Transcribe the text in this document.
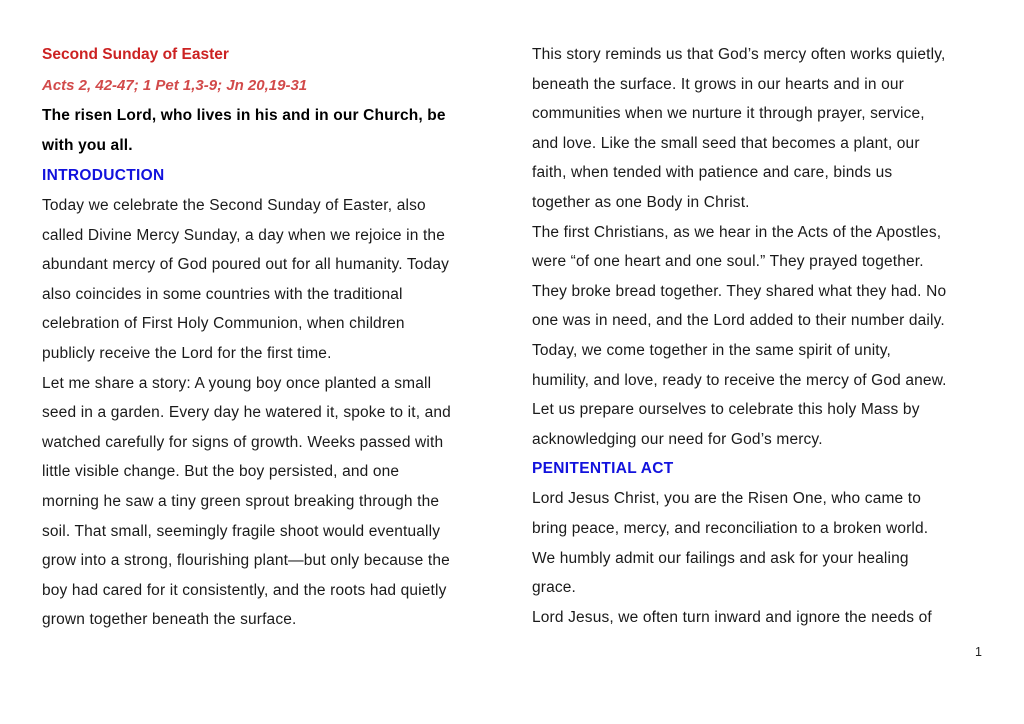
Second Sunday of Easter
Acts 2, 42-47; 1 Pet 1,3-9; Jn 20,19-31
The risen Lord, who lives in his and in our Church, be
with you all.
INTRODUCTION
Today we celebrate the Second Sunday of Easter, also
called Divine Mercy Sunday, a day when we rejoice in the
abundant mercy of God poured out for all humanity. Today
also coincides in some countries with the traditional
celebration of First Holy Communion, when children
publicly receive the Lord for the first time.
Let me share a story: A young boy once planted a small
seed in a garden. Every day he watered it, spoke to it, and
watched carefully for signs of growth. Weeks passed with
little visible change. But the boy persisted, and one
morning he saw a tiny green sprout breaking through the
soil. That small, seemingly fragile shoot would eventually
grow into a strong, flourishing plant—but only because the
boy had cared for it consistently, and the roots had quietly
grown together beneath the surface.
This story reminds us that God’s mercy often works quietly,
beneath the surface. It grows in our hearts and in our
communities when we nurture it through prayer, service,
and love. Like the small seed that becomes a plant, our
faith, when tended with patience and care, binds us
together as one Body in Christ.
The first Christians, as we hear in the Acts of the Apostles,
were “of one heart and one soul.” They prayed together.
They broke bread together. They shared what they had. No
one was in need, and the Lord added to their number daily.
Today, we come together in the same spirit of unity,
humility, and love, ready to receive the mercy of God anew.
Let us prepare ourselves to celebrate this holy Mass by
acknowledging our need for God’s mercy.
PENITENTIAL ACT
Lord Jesus Christ, you are the Risen One, who came to
bring peace, mercy, and reconciliation to a broken world.
We humbly admit our failings and ask for your healing
grace.
Lord Jesus, we often turn inward and ignore the needs of
1
